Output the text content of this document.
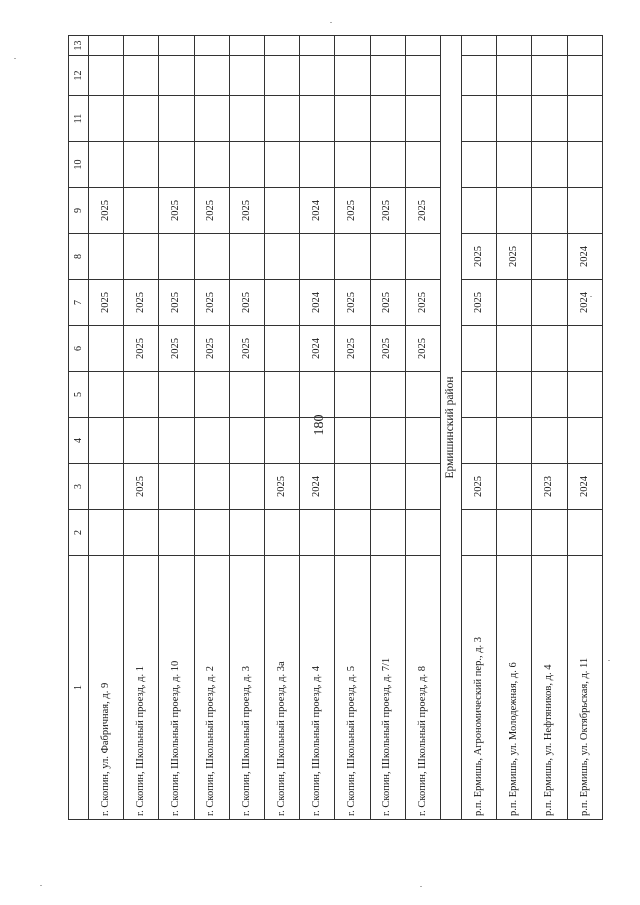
180
1	2	3	4	5	6	7	8	9	10	11	12	13
г. Скопин, ул. Фабричная, д. 9						2025		2025				
г. Скопин, Школьный проезд, д. 1		2025			2025	2025						
г. Скопин, Школьный проезд, д. 10					2025	2025		2025				
г. Скопин, Школьный проезд, д. 2					2025	2025		2025				
г. Скопин, Школьный проезд, д. 3					2025	2025		2025				
г. Скопин, Школьный проезд, д. 3а		2025										
г. Скопин, Школьный проезд, д. 4		2024			2024	2024		2024				
г. Скопин, Школьный проезд, д. 5					2025	2025		2025				
г. Скопин, Школьный проезд, д. 7/1					2025	2025		2025				
г. Скопин, Школьный проезд, д. 8					2025	2025		2025				
Ермишинский район												
р.п. Ермишь, Агрономический пер., д. 3		2025				2025	2025					
р.п. Ермишь, ул. Молодежная, д. 6							2025					
р.п. Ермишь, ул. Нефтяников, д. 4		2023										
р.п. Ермишь, ул. Октябрьская, д. 11		2024				2024	2024					
